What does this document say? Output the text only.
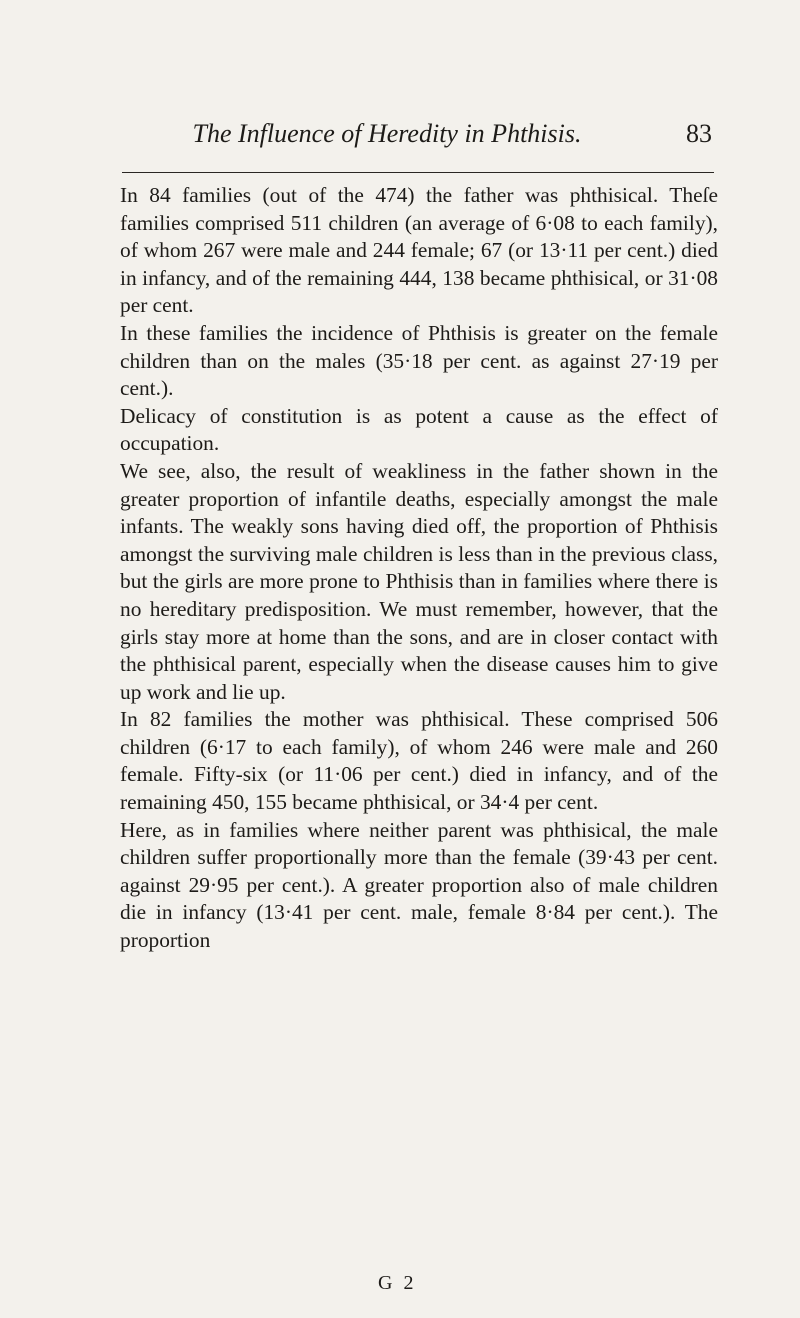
The Influence of Heredity in Phthisis.	83

In 84 families (out of the 474) the father was phthisical. Theſe families comprised 511 children (an average of 6·08 to each family), of whom 267 were male and 244 female; 67 (or 13·11 per cent.) died in infancy, and of the remaining 444, 138 became phthisical, or 31·08 per cent.

In these families the incidence of Phthisis is greater on the female children than on the males (35·18 per cent. as against 27·19 per cent.).

Delicacy of constitution is as potent a cause as the effect of occupation.

We see, also, the result of weakliness in the father shown in the greater proportion of infantile deaths, especially amongst the male infants. The weakly sons having died off, the proportion of Phthisis amongst the surviving male children is less than in the previous class, but the girls are more prone to Phthisis than in families where there is no hereditary predisposition. We must remember, however, that the girls stay more at home than the sons, and are in closer contact with the phthisical parent, especially when the disease causes him to give up work and lie up.

In 82 families the mother was phthisical. These comprised 506 children (6·17 to each family), of whom 246 were male and 260 female. Fifty-six (or 11·06 per cent.) died in infancy, and of the remaining 450, 155 became phthisical, or 34·4 per cent.

Here, as in families where neither parent was phthisical, the male children suffer proportionally more than the female (39·43 per cent. against 29·95 per cent.). A greater proportion also of male children die in infancy (13·41 per cent. male, female 8·84 per cent.). The proportion

G 2
